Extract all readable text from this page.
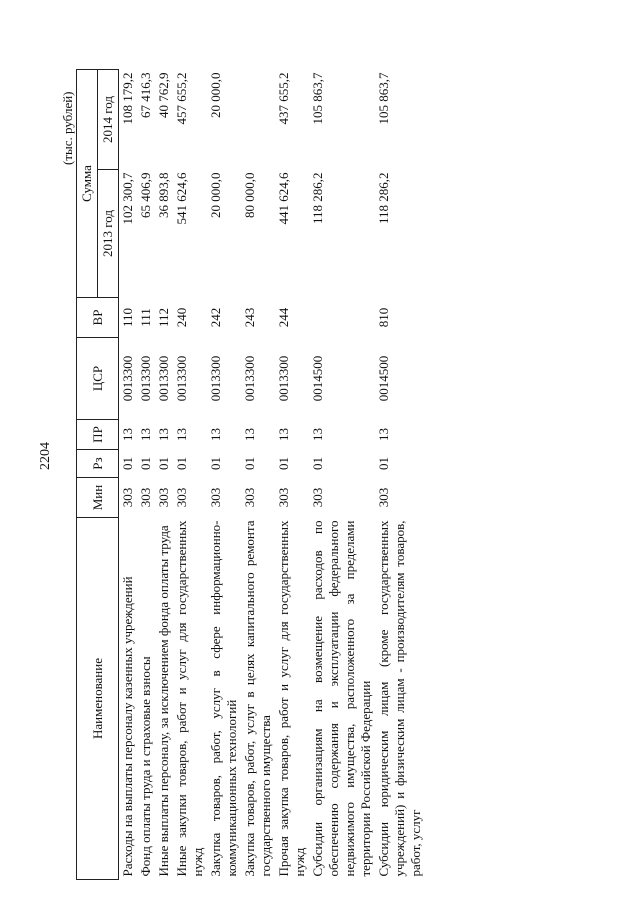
2204
(тыс. рублей)
Наименование	Мин	Рз	ПР	ЦСР	ВР	Сумма	
						2013 год	2014 год
Расходы на выплаты персоналу казенных учреждений	303	01	13	0013300	110	102 300,7	108 179,2
Фонд оплаты труда и страховые взносы	303	01	13	0013300	111	65 406,9	67 416,3
Иные выплаты персоналу, за исключением фонда оплаты труда	303	01	13	0013300	112	36 893,8	40 762,9
Иные закупки товаров, работ и услуг для государственных нужд	303	01	13	0013300	240	541 624,6	457 655,2
Закупка товаров, работ, услуг в сфере информационно-коммуникационных технологий	303	01	13	0013300	242	20 000,0	20 000,0
Закупка товаров, работ, услуг в целях капитального ремонта государственного имущества	303	01	13	0013300	243	80 000,0	
Прочая закупка товаров, работ и услуг для государственных нужд	303	01	13	0013300	244	441 624,6	437 655,2
Субсидии организациям на возмещение расходов по обеспечению содержания и эксплуатации федерального недвижимого имущества, расположенного за пределами территории Российской Федерации	303	01	13	0014500		118 286,2	105 863,7
Субсидии юридическим лицам (кроме государственных учреждений) и физическим лицам - производителям товаров, работ, услуг	303	01	13	0014500	810	118 286,2	105 863,7
